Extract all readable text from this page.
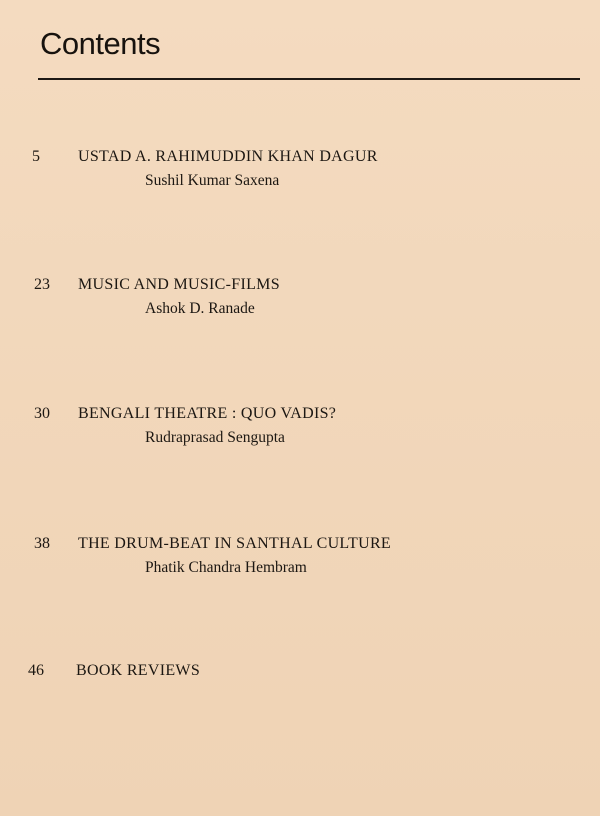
Contents
5 USTAD A. RAHIMUDDIN KHAN DAGUR
Sushil Kumar Saxena
23 MUSIC AND MUSIC-FILMS
Ashok D. Ranade
30 BENGALI THEATRE : QUO VADIS?
Rudraprasad Sengupta
38 THE DRUM-BEAT IN SANTHAL CULTURE
Phatik Chandra Hembram
46 BOOK REVIEWS
